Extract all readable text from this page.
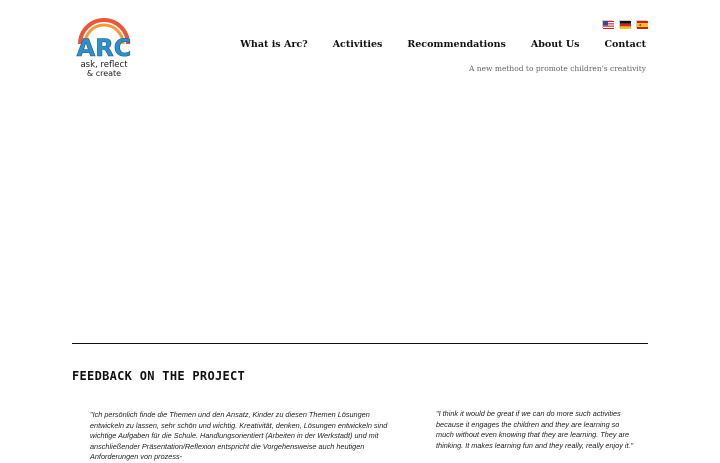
ARC
ask, reflect
& create
What is Arc?	Activities	Recommendations	About Us	Contact
A new method to promote children's creativity
FEEDBACK ON THE PROJECT

"Ich persönlich finde die Themen und den Ansatz, Kinder zu diesen Themen Lösungen entwickeln zu lassen, sehr schön und wichtig. Kreativität, denken, Lösungen entwickeln sind wichtige Aufgaben für die Schule. Handlungsorientiert (Arbeiten in der Werkstadt) und mit anschließender Präsentation/Reflexion entspricht die Vorgehensweise auch heutigen Anforderungen von prozess-

"I think it would be great if we can do more such activities because it engages the children and they are learning so much without even knowing that they are learning. They are thinking. It makes learning fun and they really, really enjoy it."
